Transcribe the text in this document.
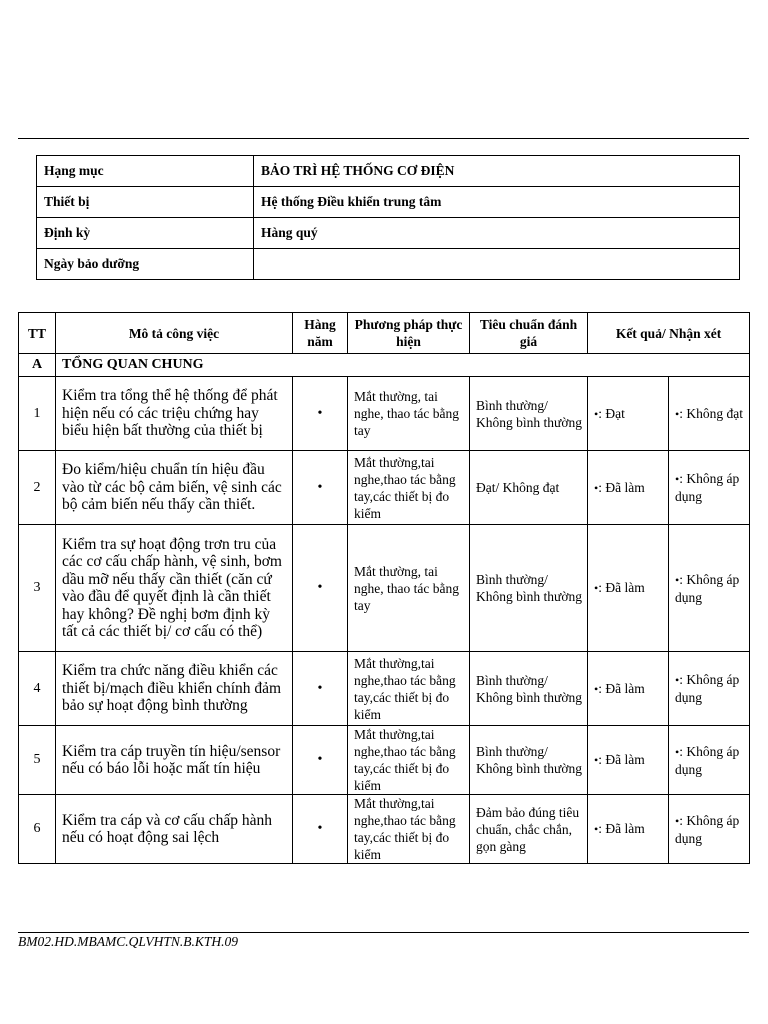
Hạng mục	BẢO TRÌ HỆ THỐNG CƠ ĐIỆN
Thiết bị	Hệ thống Điều khiển trung tâm
Định kỳ	Hàng quý
Ngày bảo dưỡng	
TT	Mô tả công việc	Hàng năm	Phương pháp thực hiện	Tiêu chuẩn đánh giá	Kết quả/ Nhận xét	
A	TỔNG QUAN CHUNG					
1	Kiểm tra tổng thể hệ thống để phát hiện nếu có các triệu chứng hay biểu hiện bất thường của thiết bị	•	Mắt thường, tai nghe, thao tác bằng tay	Bình thường/ Không bình thường	•: Đạt	•: Không đạt
2	Đo kiểm/hiệu chuẩn tín hiệu đầu vào từ các bộ cảm biến, vệ sinh các bộ cảm biến nếu thấy cần thiết.	•	Mắt thường,tai nghe,thao tác bằng tay,các thiết bị đo kiểm	Đạt/ Không đạt	•: Đã làm	•: Không áp dụng
3	Kiểm tra sự hoạt động trơn tru của các cơ cấu chấp hành, vệ sinh, bơm dầu mỡ nếu thấy cần thiết (căn cứ vào đầu để quyết định là cần thiết hay không? Đề nghị bơm định kỳ tất cả các thiết bị/ cơ cấu có thể)	•	Mắt thường, tai nghe, thao tác bằng tay	Bình thường/ Không bình thường	•: Đã làm	•: Không áp dụng
4	Kiểm tra chức năng điều khiển các thiết bị/mạch điều khiển chính đảm bảo sự hoạt động bình thường	•	Mắt thường,tai nghe,thao tác bằng tay,các thiết bị đo kiểm	Bình thường/ Không bình thường	•: Đã làm	•: Không áp dụng
5	Kiểm tra cáp truyền tín hiệu/sensor nếu có báo lỗi hoặc mất tín hiệu	•	Mắt thường,tai nghe,thao tác bằng tay,các thiết bị đo kiểm	Bình thường/ Không bình thường	•: Đã làm	•: Không áp dụng
6	Kiểm tra cáp và cơ cấu chấp hành nếu có hoạt động sai lệch	•	Mắt thường,tai nghe,thao tác bằng tay,các thiết bị đo kiểm	Đảm bảo đúng tiêu chuẩn, chắc chắn, gọn gàng	•: Đã làm	•: Không áp dụng
BM02.HD.MBAMC.QLVHTN.B.KTH.09
